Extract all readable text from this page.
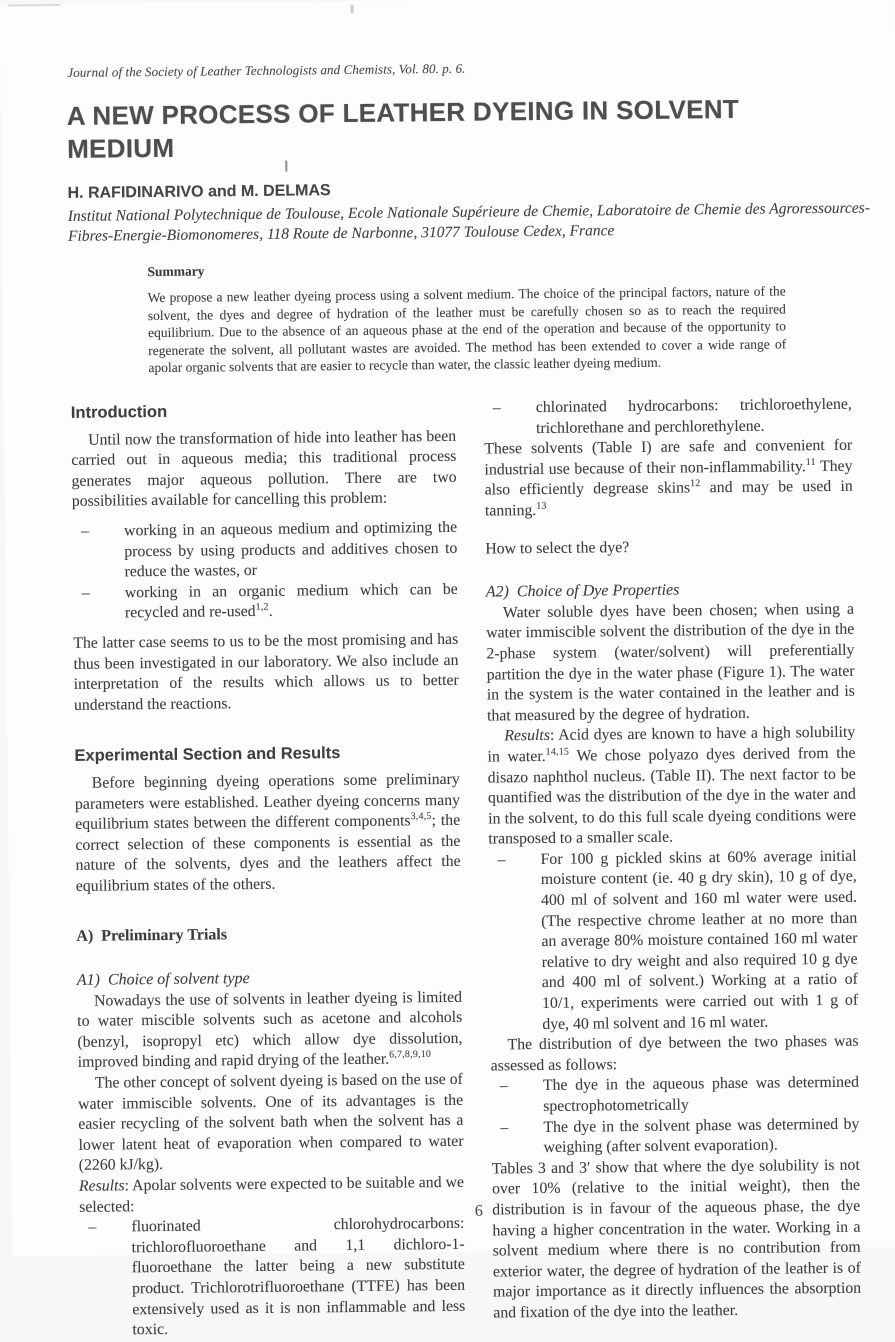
Journal of the Society of Leather Technologists and Chemists, Vol. 80. p. 6.
A NEW PROCESS OF LEATHER DYEING IN SOLVENT MEDIUM
H. RAFIDINARIVO and M. DELMAS
Institut National Polytechnique de Toulouse, Ecole Nationale Supérieure de Chemie, Laboratoire de Chemie des Agroressources-Fibres-Energie-Biomonomeres, 118 Route de Narbonne, 31077 Toulouse Cedex, France
Summary

We propose a new leather dyeing process using a solvent medium. The choice of the principal factors, nature of the solvent, the dyes and degree of hydration of the leather must be carefully chosen so as to reach the required equilibrium. Due to the absence of an aqueous phase at the end of the operation and because of the opportunity to regenerate the solvent, all pollutant wastes are avoided. The method has been extended to cover a wide range of apolar organic solvents that are easier to recycle than water, the classic leather dyeing medium.

Introduction
Until now the transformation of hide into leather has been carried out in aqueous media; this traditional process generates major aqueous pollution. There are two possibilities available for cancelling this problem:
– working in an aqueous medium and optimizing the process by using products and additives chosen to reduce the wastes, or
– working in an organic medium which can be recycled and re-used$^{1,2}$.
The latter case seems to us to be the most promising and has thus been investigated in our laboratory. We also include an interpretation of the results which allows us to better understand the reactions.
Experimental Section and Results
Before beginning dyeing operations some preliminary parameters were established. Leather dyeing concerns many equilibrium states between the different components$^{3,4,5}$; the correct selection of these components is essential as the nature of the solvents, dyes and the leathers affect the equilibrium states of the others.
A) Preliminary Trials
A1) Choice of solvent type
Nowadays the use of solvents in leather dyeing is limited to water miscible solvents such as acetone and alcohols (benzyl, isopropyl etc) which allow dye dissolution, improved binding and rapid drying of the leather.$^{6,7,8,9,10}$
The other concept of solvent dyeing is based on the use of water immiscible solvents. One of its advantages is the easier recycling of the solvent bath when the solvent has a lower latent heat of evaporation when compared to water (2260 kJ/kg).
Results: Apolar solvents were expected to be suitable and we selected:
– fluorinated chlorohydrocarbons: trichlorofluoroethane and 1,1 dichloro-1-fluoroethane the latter being a new substitute product. Trichlorotrifluoroethane (TTFE) has been extensively used as it is non inflammable and less toxic.
– chlorinated hydrocarbons: trichloroethylene, trichlorethane and perchlorethylene.
These solvents (Table I) are safe and convenient for industrial use because of their non-inflammability.$^{11}$ They also efficiently degrease skins$^{12}$ and may be used in tanning.$^{13}$
How to select the dye?
A2) Choice of Dye Properties
Water soluble dyes have been chosen; when using a water immiscible solvent the distribution of the dye in the 2-phase system (water/solvent) will preferentially partition the dye in the water phase (Figure 1). The water in the system is the water contained in the leather and is that measured by the degree of hydration.
Results: Acid dyes are known to have a high solubility in water.$^{14,15}$ We chose polyazo dyes derived from the disazo naphthol nucleus. (Table II). The next factor to be quantified was the distribution of the dye in the water and in the solvent, to do this full scale dyeing conditions were transposed to a smaller scale.
– For 100 g pickled skins at 60% average initial moisture content (ie. 40 g dry skin), 10 g of dye, 400 ml of solvent and 160 ml water were used. (The respective chrome leather at no more than an average 80% moisture contained 160 ml water relative to dry weight and also required 10 g dye and 400 ml of solvent.) Working at a ratio of 10/1, experiments were carried out with 1 g of dye, 40 ml solvent and 16 ml water.
The distribution of dye between the two phases was assessed as follows:
– The dye in the aqueous phase was determined spectrophotometrically
– The dye in the solvent phase was determined by weighing (after solvent evaporation).
Tables 3 and 3′ show that where the dye solubility is not over 10% (relative to the initial weight), then the distribution is in favour of the aqueous phase, the dye having a higher concentration in the water. Working in a solvent medium where there is no contribution from exterior water, the degree of hydration of the leather is of major importance as it directly influences the absorption and fixation of the dye into the leather.
6
